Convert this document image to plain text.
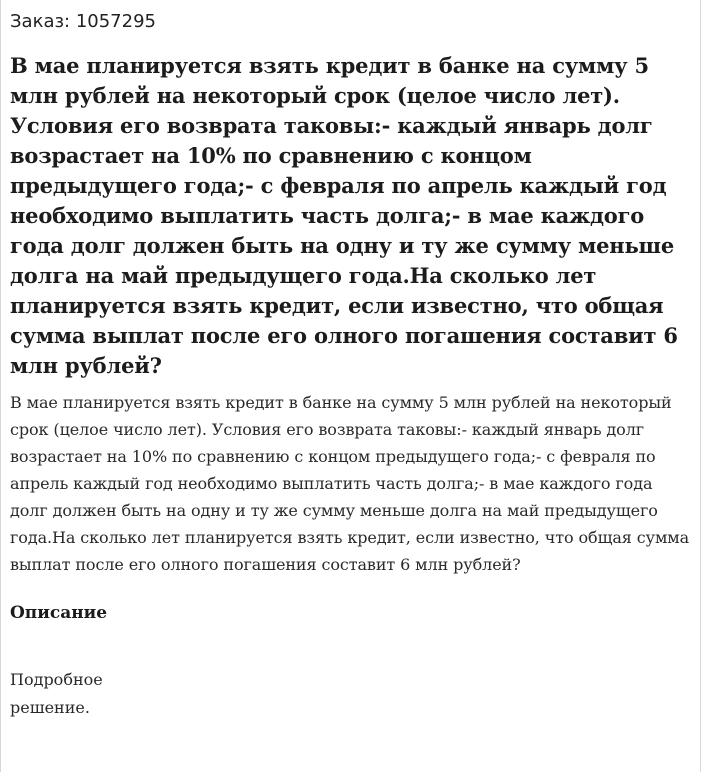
Заказ: 1057295

В мае планируется взять кредит в банке на сумму 5 млн рублей на некоторый срок (целое число лет). Условия его возврата таковы:- каждый январь долг возрастает на 10% по сравнению с концом предыдущего года;- с февраля по апрель каждый год необходимо выплатить часть долга;- в мае каждого года долг должен быть на одну и ту же сумму меньше долга на май предыдущего года.На сколько лет планируется взять кредит, если известно, что общая сумма выплат после его олного погашения составит 6 млн рублей?

В мае планируется взять кредит в банке на сумму 5 млн рублей на некоторый срок (целое число лет). Условия его возврата таковы:- каждый январь долг возрастает на 10% по сравнению с концом предыдущего года;- с февраля по апрель каждый год необходимо выплатить часть долга;- в мае каждого года долг должен быть на одну и ту же сумму меньше долга на май предыдущего года.На сколько лет планируется взять кредит, если известно, что общая сумма выплат после его олного погашения составит 6 млн рублей?

Описание

Подробное решение.
